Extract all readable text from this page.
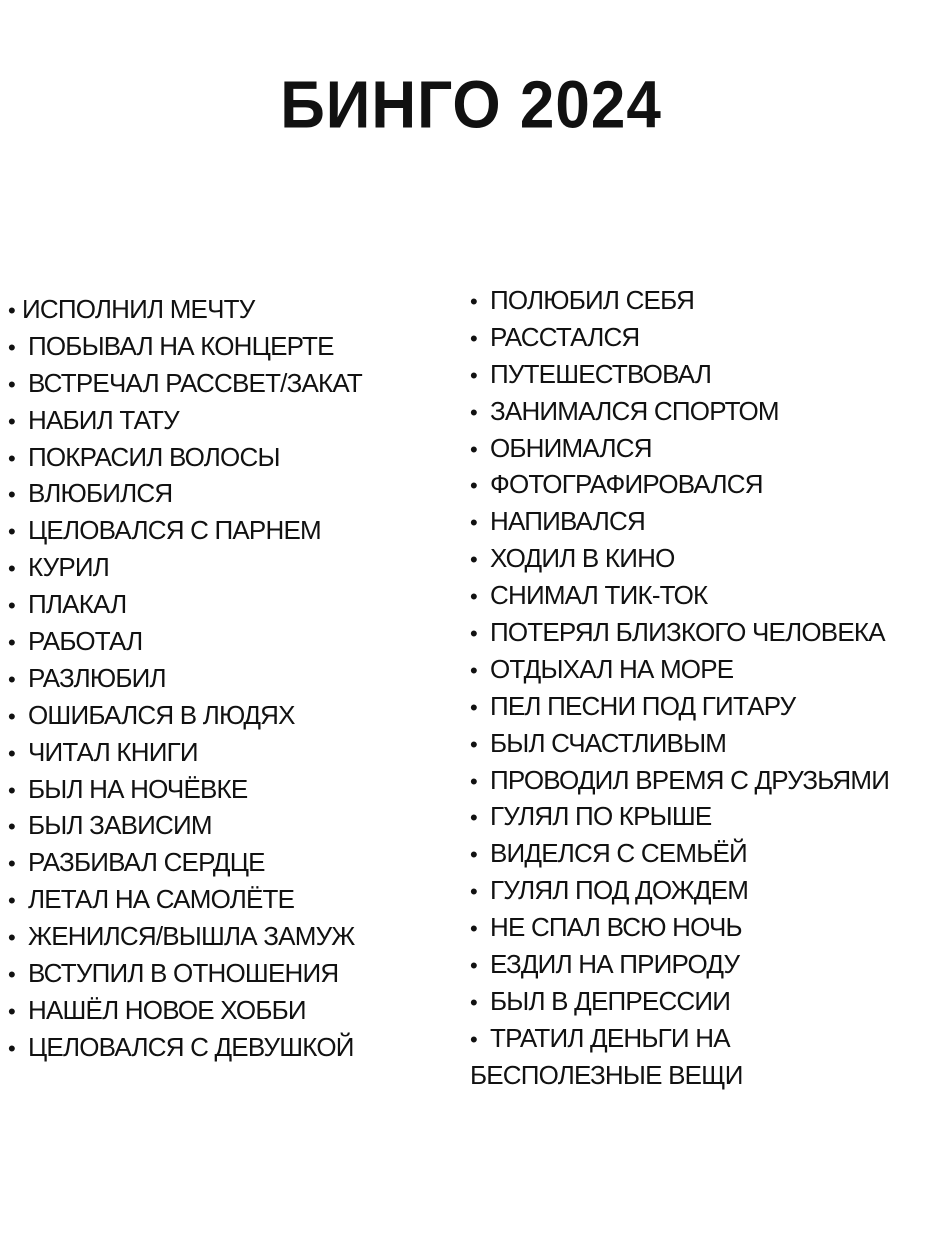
БИНГО 2024
• ИСПОЛНИЛ МЕЧТУ
• ПОБЫВАЛ НА КОНЦЕРТЕ
• ВСТРЕЧАЛ РАССВЕТ/ЗАКАТ
• НАБИЛ ТАТУ
• ПОКРАСИЛ ВОЛОСЫ
• ВЛЮБИЛСЯ
• ЦЕЛОВАЛСЯ С ПАРНЕМ
• КУРИЛ
• ПЛАКАЛ
• РАБОТАЛ
• РАЗЛЮБИЛ
• ОШИБАЛСЯ В ЛЮДЯХ
• ЧИТАЛ КНИГИ
• БЫЛ НА НОЧЁВКЕ
• БЫЛ ЗАВИСИМ
• РАЗБИВАЛ СЕРДЦЕ
• ЛЕТАЛ НА САМОЛЁТЕ
• ЖЕНИЛСЯ/ВЫШЛА ЗАМУЖ
• ВСТУПИЛ В ОТНОШЕНИЯ
• НАШЁЛ НОВОЕ ХОББИ
• ЦЕЛОВАЛСЯ С ДЕВУШКОЙ
• ПОЛЮБИЛ СЕБЯ
• РАССТАЛСЯ
• ПУТЕШЕСТВОВАЛ
• ЗАНИМАЛСЯ СПОРТОМ
• ОБНИМАЛСЯ
• ФОТОГРАФИРОВАЛСЯ
• НАПИВАЛСЯ
• ХОДИЛ В КИНО
• СНИМАЛ ТИК-ТОК
• ПОТЕРЯЛ БЛИЗКОГО ЧЕЛОВЕКА
• ОТДЫХАЛ НА МОРЕ
• ПЕЛ ПЕСНИ ПОД ГИТАРУ
• БЫЛ СЧАСТЛИВЫМ
• ПРОВОДИЛ ВРЕМЯ С ДРУЗЬЯМИ
• ГУЛЯЛ ПО КРЫШЕ
• ВИДЕЛСЯ С СЕМЬЁЙ
• ГУЛЯЛ ПОД ДОЖДЕМ
• НЕ СПАЛ ВСЮ НОЧЬ
• ЕЗДИЛ НА ПРИРОДУ
• БЫЛ В ДЕПРЕССИИ
• ТРАТИЛ ДЕНЬГИ НА
БЕСПОЛЕЗНЫЕ ВЕЩИ
